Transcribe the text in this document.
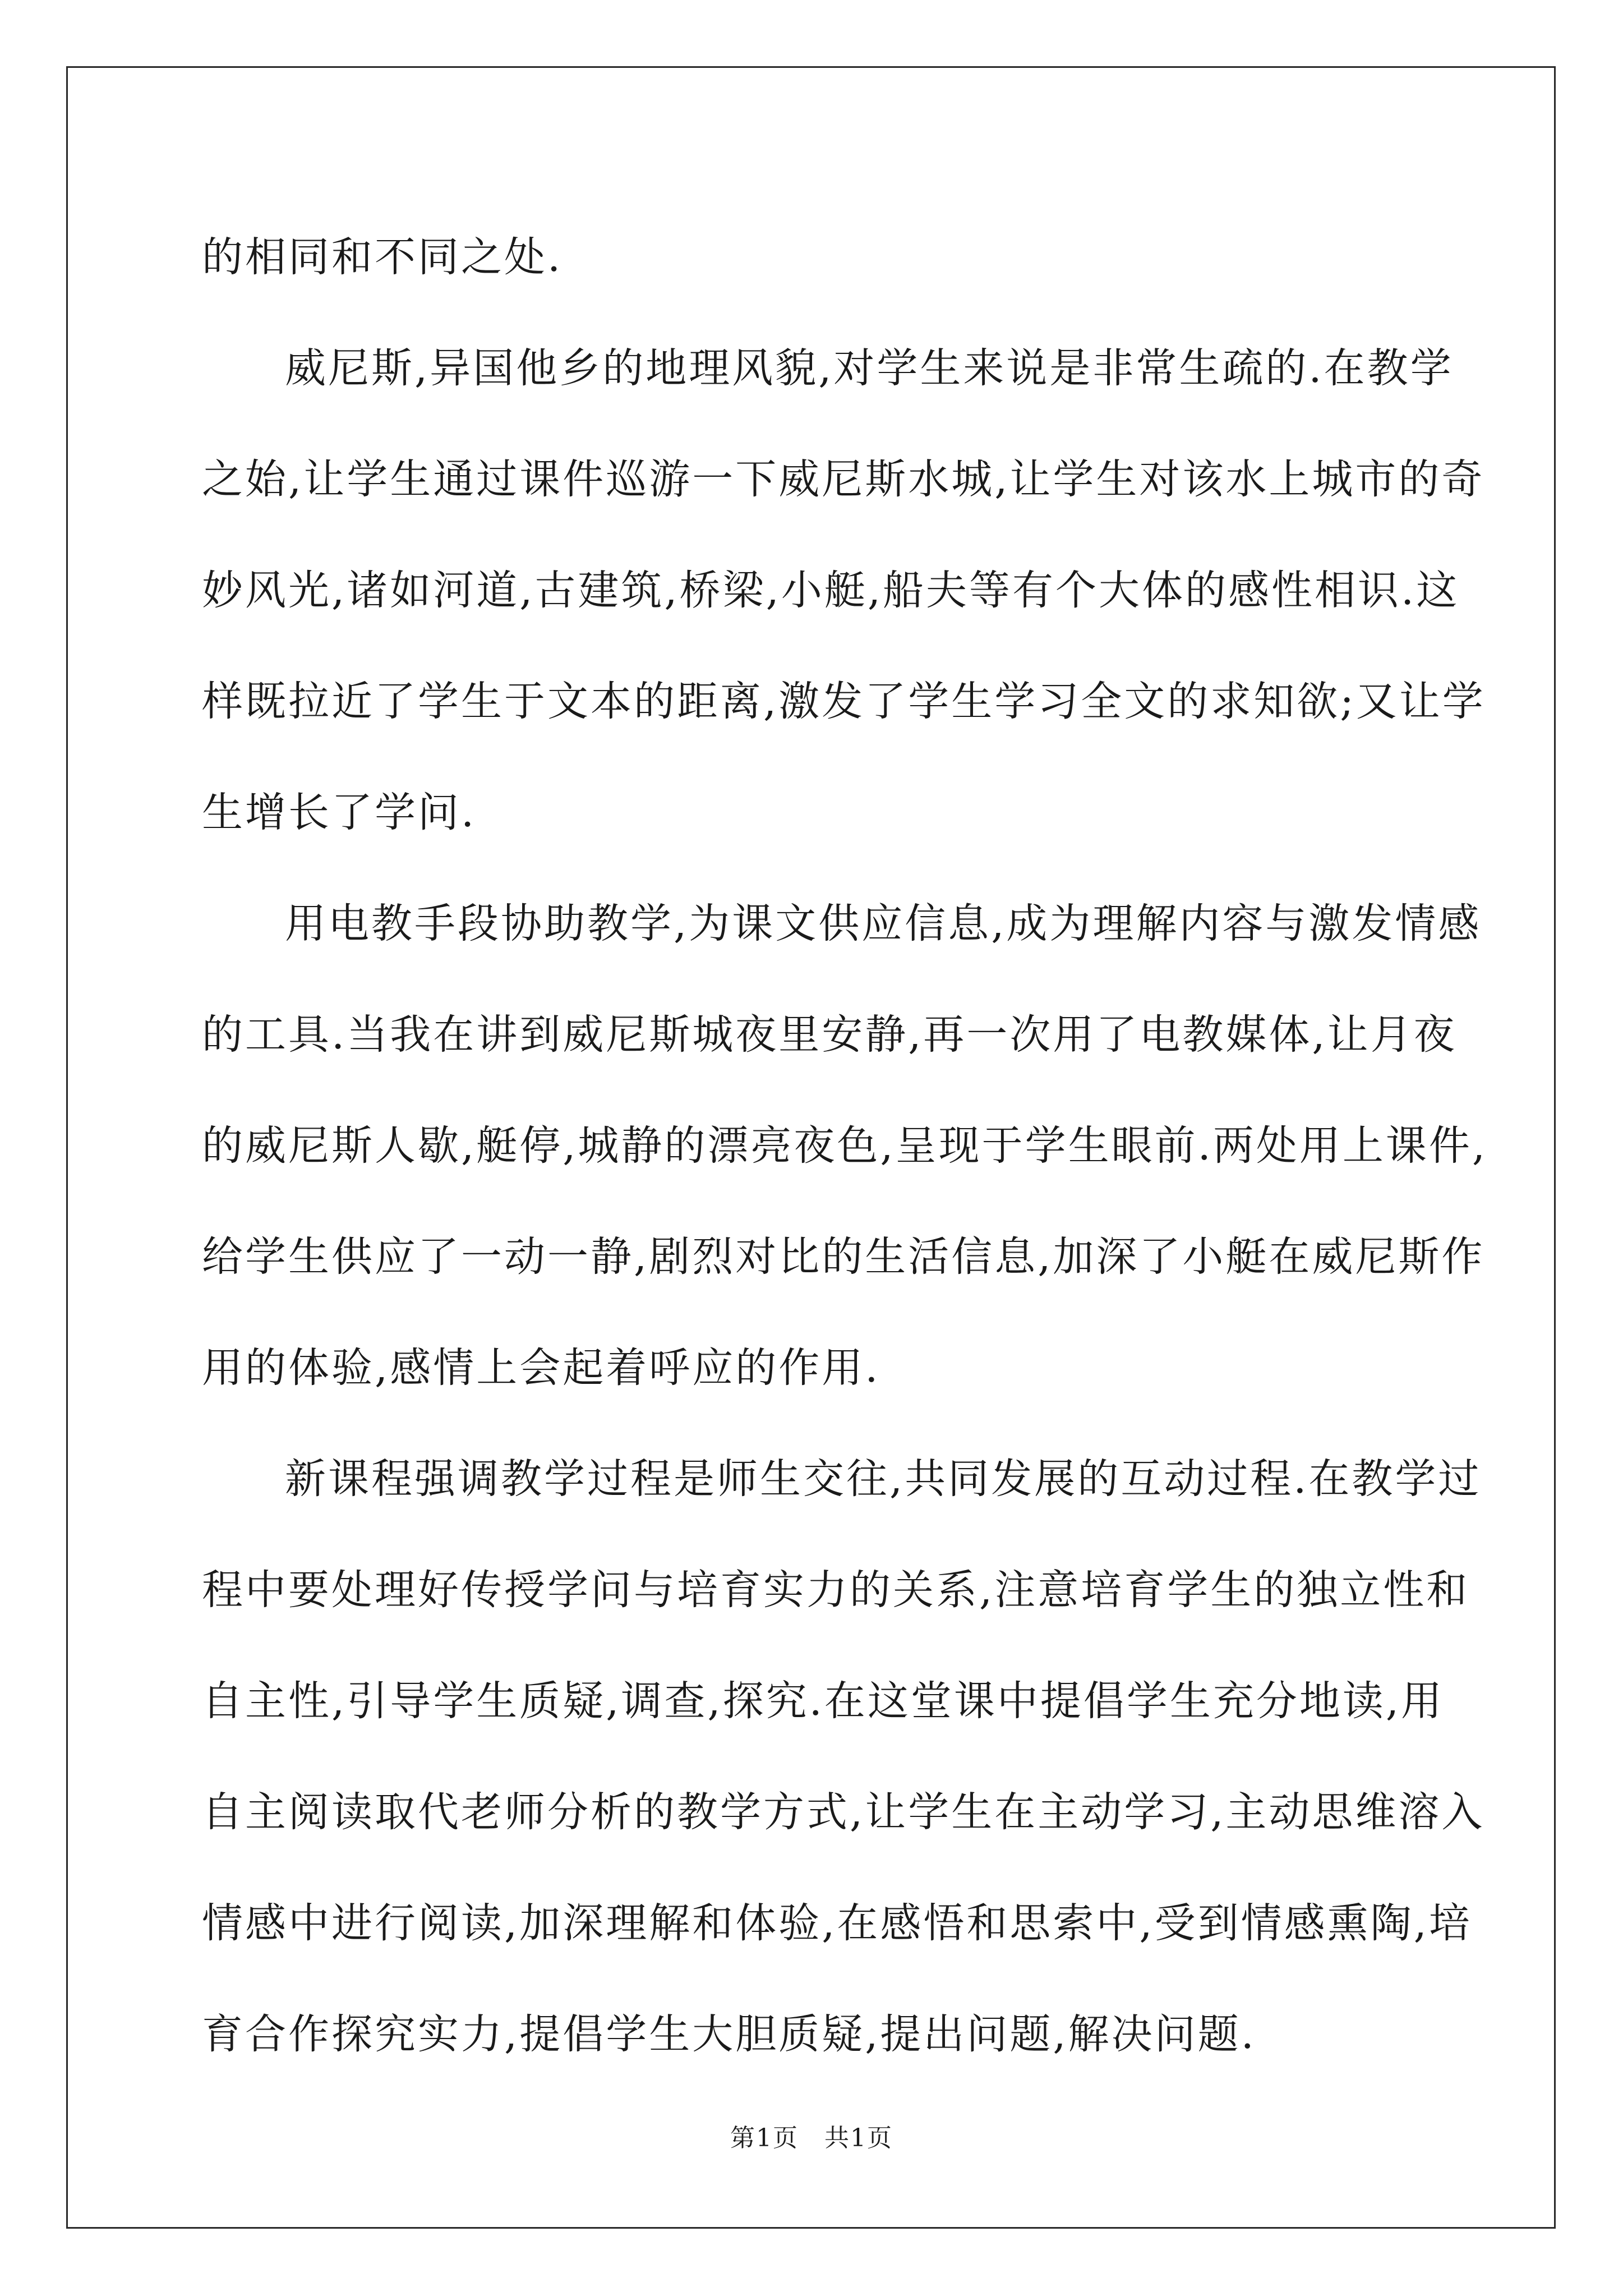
的相同和不同之处.
威尼斯,异国他乡的地理风貌,对学生来说是非常生疏的.在教学
之始,让学生通过课件巡游一下威尼斯水城,让学生对该水上城市的奇
妙风光,诸如河道,古建筑,桥梁,小艇,船夫等有个大体的感性相识.这
样既拉近了学生于文本的距离,激发了学生学习全文的求知欲;又让学
生增长了学问.
用电教手段协助教学,为课文供应信息,成为理解内容与激发情感
的工具.当我在讲到威尼斯城夜里安静,再一次用了电教媒体,让月夜
的威尼斯人歇,艇停,城静的漂亮夜色,呈现于学生眼前.两处用上课件,
给学生供应了一动一静,剧烈对比的生活信息,加深了小艇在威尼斯作
用的体验,感情上会起着呼应的作用.
新课程强调教学过程是师生交往,共同发展的互动过程.在教学过
程中要处理好传授学问与培育实力的关系,注意培育学生的独立性和
自主性,引导学生质疑,调查,探究.在这堂课中提倡学生充分地读,用
自主阅读取代老师分析的教学方式,让学生在主动学习,主动思维溶入
情感中进行阅读,加深理解和体验,在感悟和思索中,受到情感熏陶,培
育合作探究实力,提倡学生大胆质疑,提出问题,解决问题.
第1页　共1页
